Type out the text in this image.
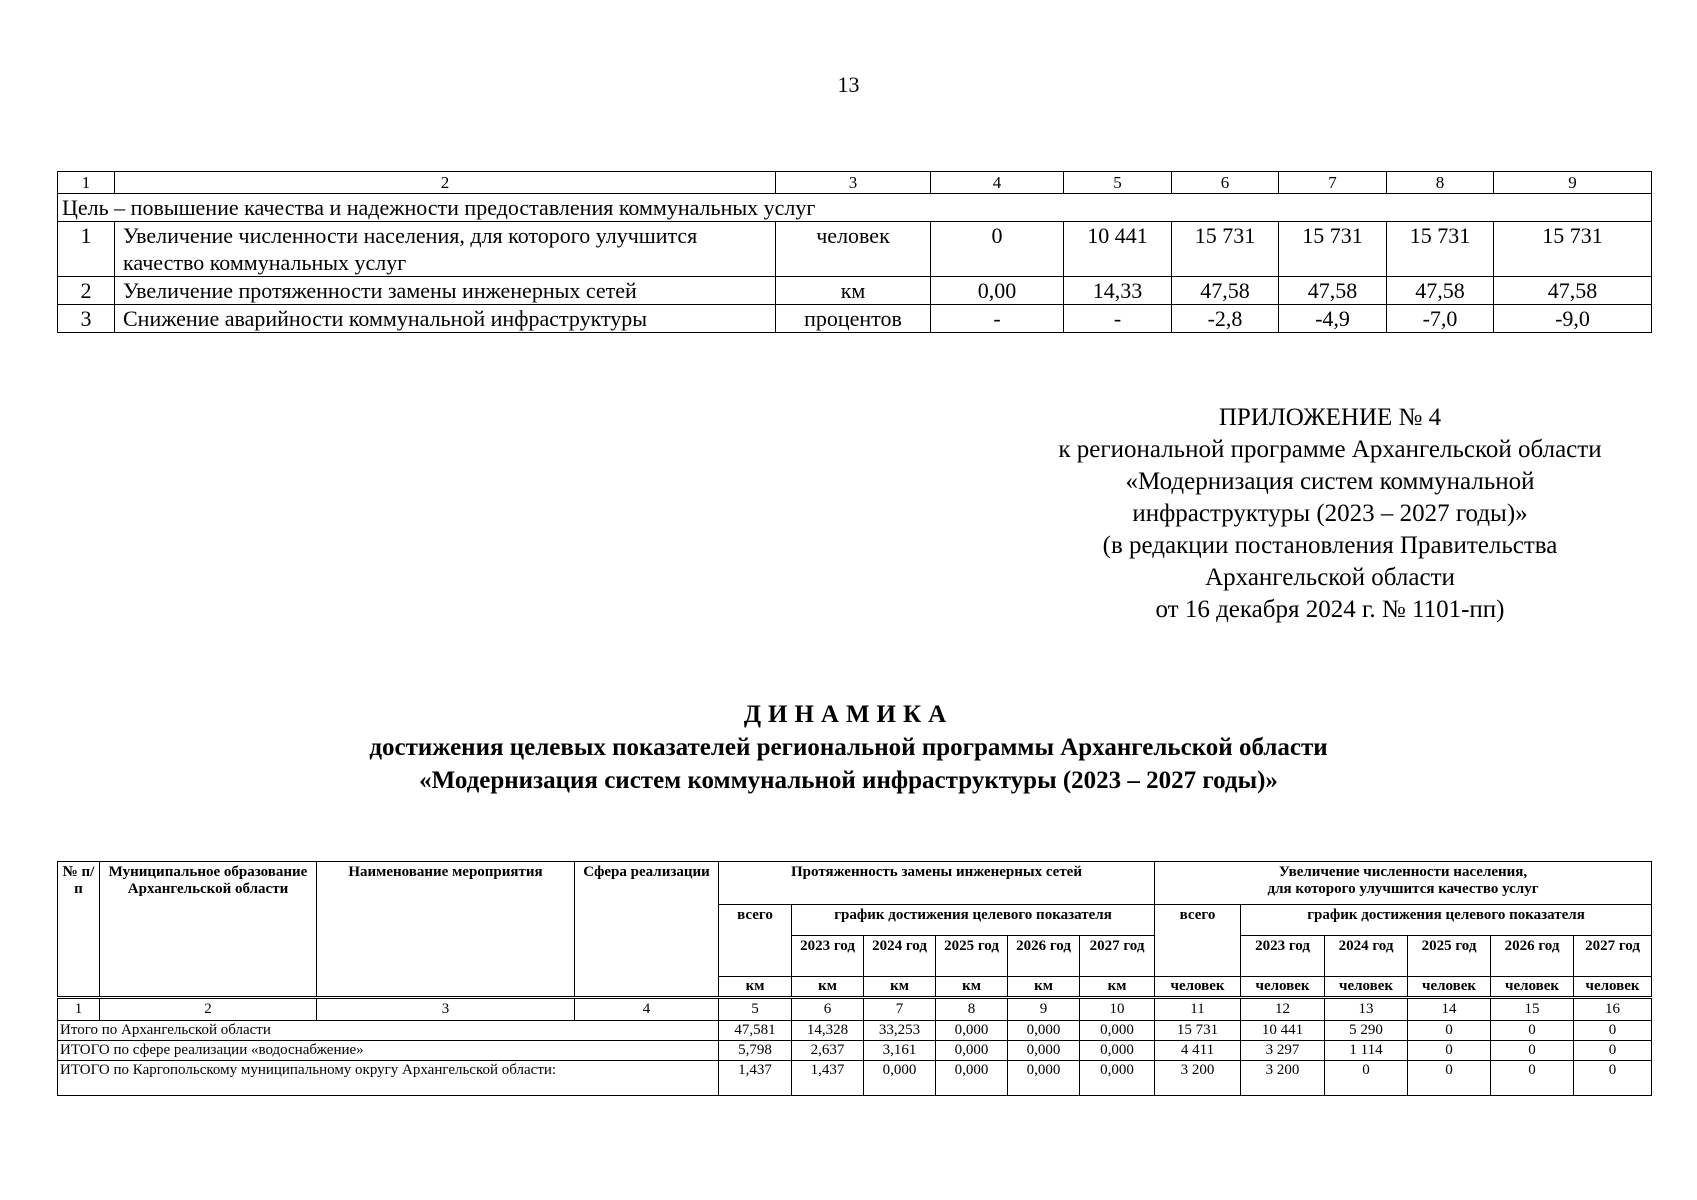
13
1	2	3	4	5	6	7	8	9
Цель – повышение качества и надежности предоставления коммунальных услуг								
1	Увеличение численности населения, для которого улучшится качество коммунальных услуг	человек	0	10 441	15 731	15 731	15 731	15 731
2	Увеличение протяженности замены инженерных сетей	км	0,00	14,33	47,58	47,58	47,58	47,58
3	Снижение аварийности коммунальной инфраструктуры	процентов	-	-	-2,8	-4,9	-7,0	-9,0
ПРИЛОЖЕНИЕ № 4
к региональной программе Архангельской области
«Модернизация систем коммунальной
инфраструктуры (2023 – 2027 годы)»
(в редакции постановления Правительства
Архангельской области
от 16 декабря 2024 г. № 1101-пп)
ДИНАМИКА
достижения целевых показателей региональной программы Архангельской области
«Модернизация систем коммунальной инфраструктуры (2023 – 2027 годы)»
№ п/п	Муниципальное образование Архангельской области	Наименование мероприятия	Сфера реализации	Протяженность замены инженерных сетей						Увеличение численности населения,
для которого улучшится качество услуг					

				всего	график достижения целевого показателя					всего	график достижения целевого показателя				
					2023 год	2024 год	2025 год	2026 год	2027 год		2023 год	2024 год	2025 год	2026 год	2027 год
				км	км	км	км	км	км	человек	человек	человек	человек	человек	человек
1	2	3	4	5	6	7	8	9	10	11	12	13	14	15	16
Итого по Архангельской области				47,581	14,328	33,253	0,000	0,000	0,000	15 731	10 441	5 290	0	0	0
ИТОГО по сфере реализации «водоснабжение»				5,798	2,637	3,161	0,000	0,000	0,000	4 411	3 297	1 114	0	0	0
ИТОГО по Каргопольскому муниципальному округу Архангельской области:				1,437	1,437	0,000	0,000	0,000	0,000	3 200	3 200	0	0	0	0
